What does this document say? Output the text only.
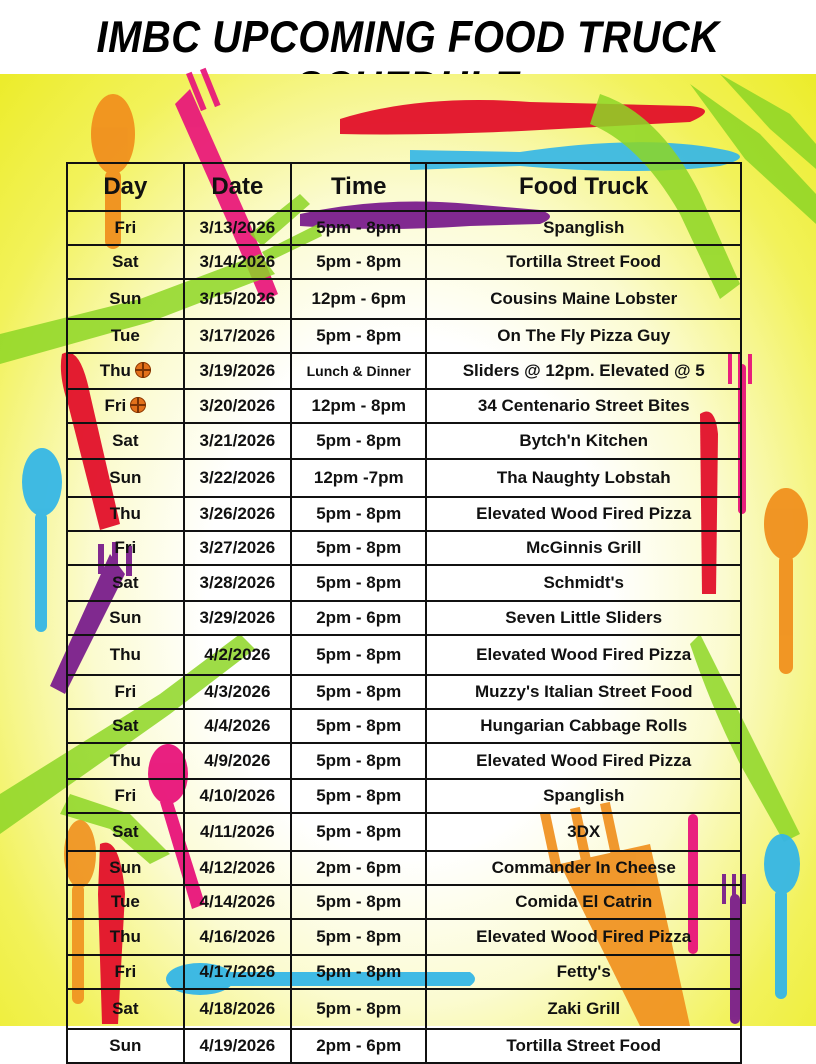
IMBC UPCOMING FOOD TRUCK
Day	Date	Time	Food Truck
Fri	3/13/2026	5pm - 8pm	Spanglish
Sat	3/14/2026	5pm - 8pm	Tortilla Street Food
Sun	3/15/2026	12pm - 6pm	Cousins Maine Lobster
Tue	3/17/2026	5pm - 8pm	On The Fly Pizza Guy
Thu	3/19/2026	Lunch & Dinner	Sliders @ 12pm. Elevated @ 5
Fri	3/20/2026	12pm - 8pm	34 Centenario Street Bites
Sat	3/21/2026	5pm - 8pm	Bytch'n Kitchen
Sun	3/22/2026	12pm -7pm	Tha Naughty Lobstah
Thu	3/26/2026	5pm - 8pm	Elevated Wood Fired Pizza
Fri	3/27/2026	5pm - 8pm	McGinnis Grill
Sat	3/28/2026	5pm - 8pm	Schmidt's
Sun	3/29/2026	2pm - 6pm	Seven Little Sliders
Thu	4/2/2026	5pm - 8pm	Elevated Wood Fired Pizza
Fri	4/3/2026	5pm - 8pm	Muzzy's Italian Street Food
Sat	4/4/2026	5pm - 8pm	Hungarian Cabbage Rolls
Thu	4/9/2026	5pm - 8pm	Elevated Wood Fired Pizza
Fri	4/10/2026	5pm - 8pm	Spanglish
Sat	4/11/2026	5pm - 8pm	3DX
Sun	4/12/2026	2pm - 6pm	Commander In Cheese
Tue	4/14/2026	5pm - 8pm	Comida El Catrin
Thu	4/16/2026	5pm - 8pm	Elevated Wood Fired Pizza
Fri	4/17/2026	5pm - 8pm	Fetty's
Sat	4/18/2026	5pm - 8pm	Zaki Grill
Sun	4/19/2026	2pm - 6pm	Tortilla Street Food
